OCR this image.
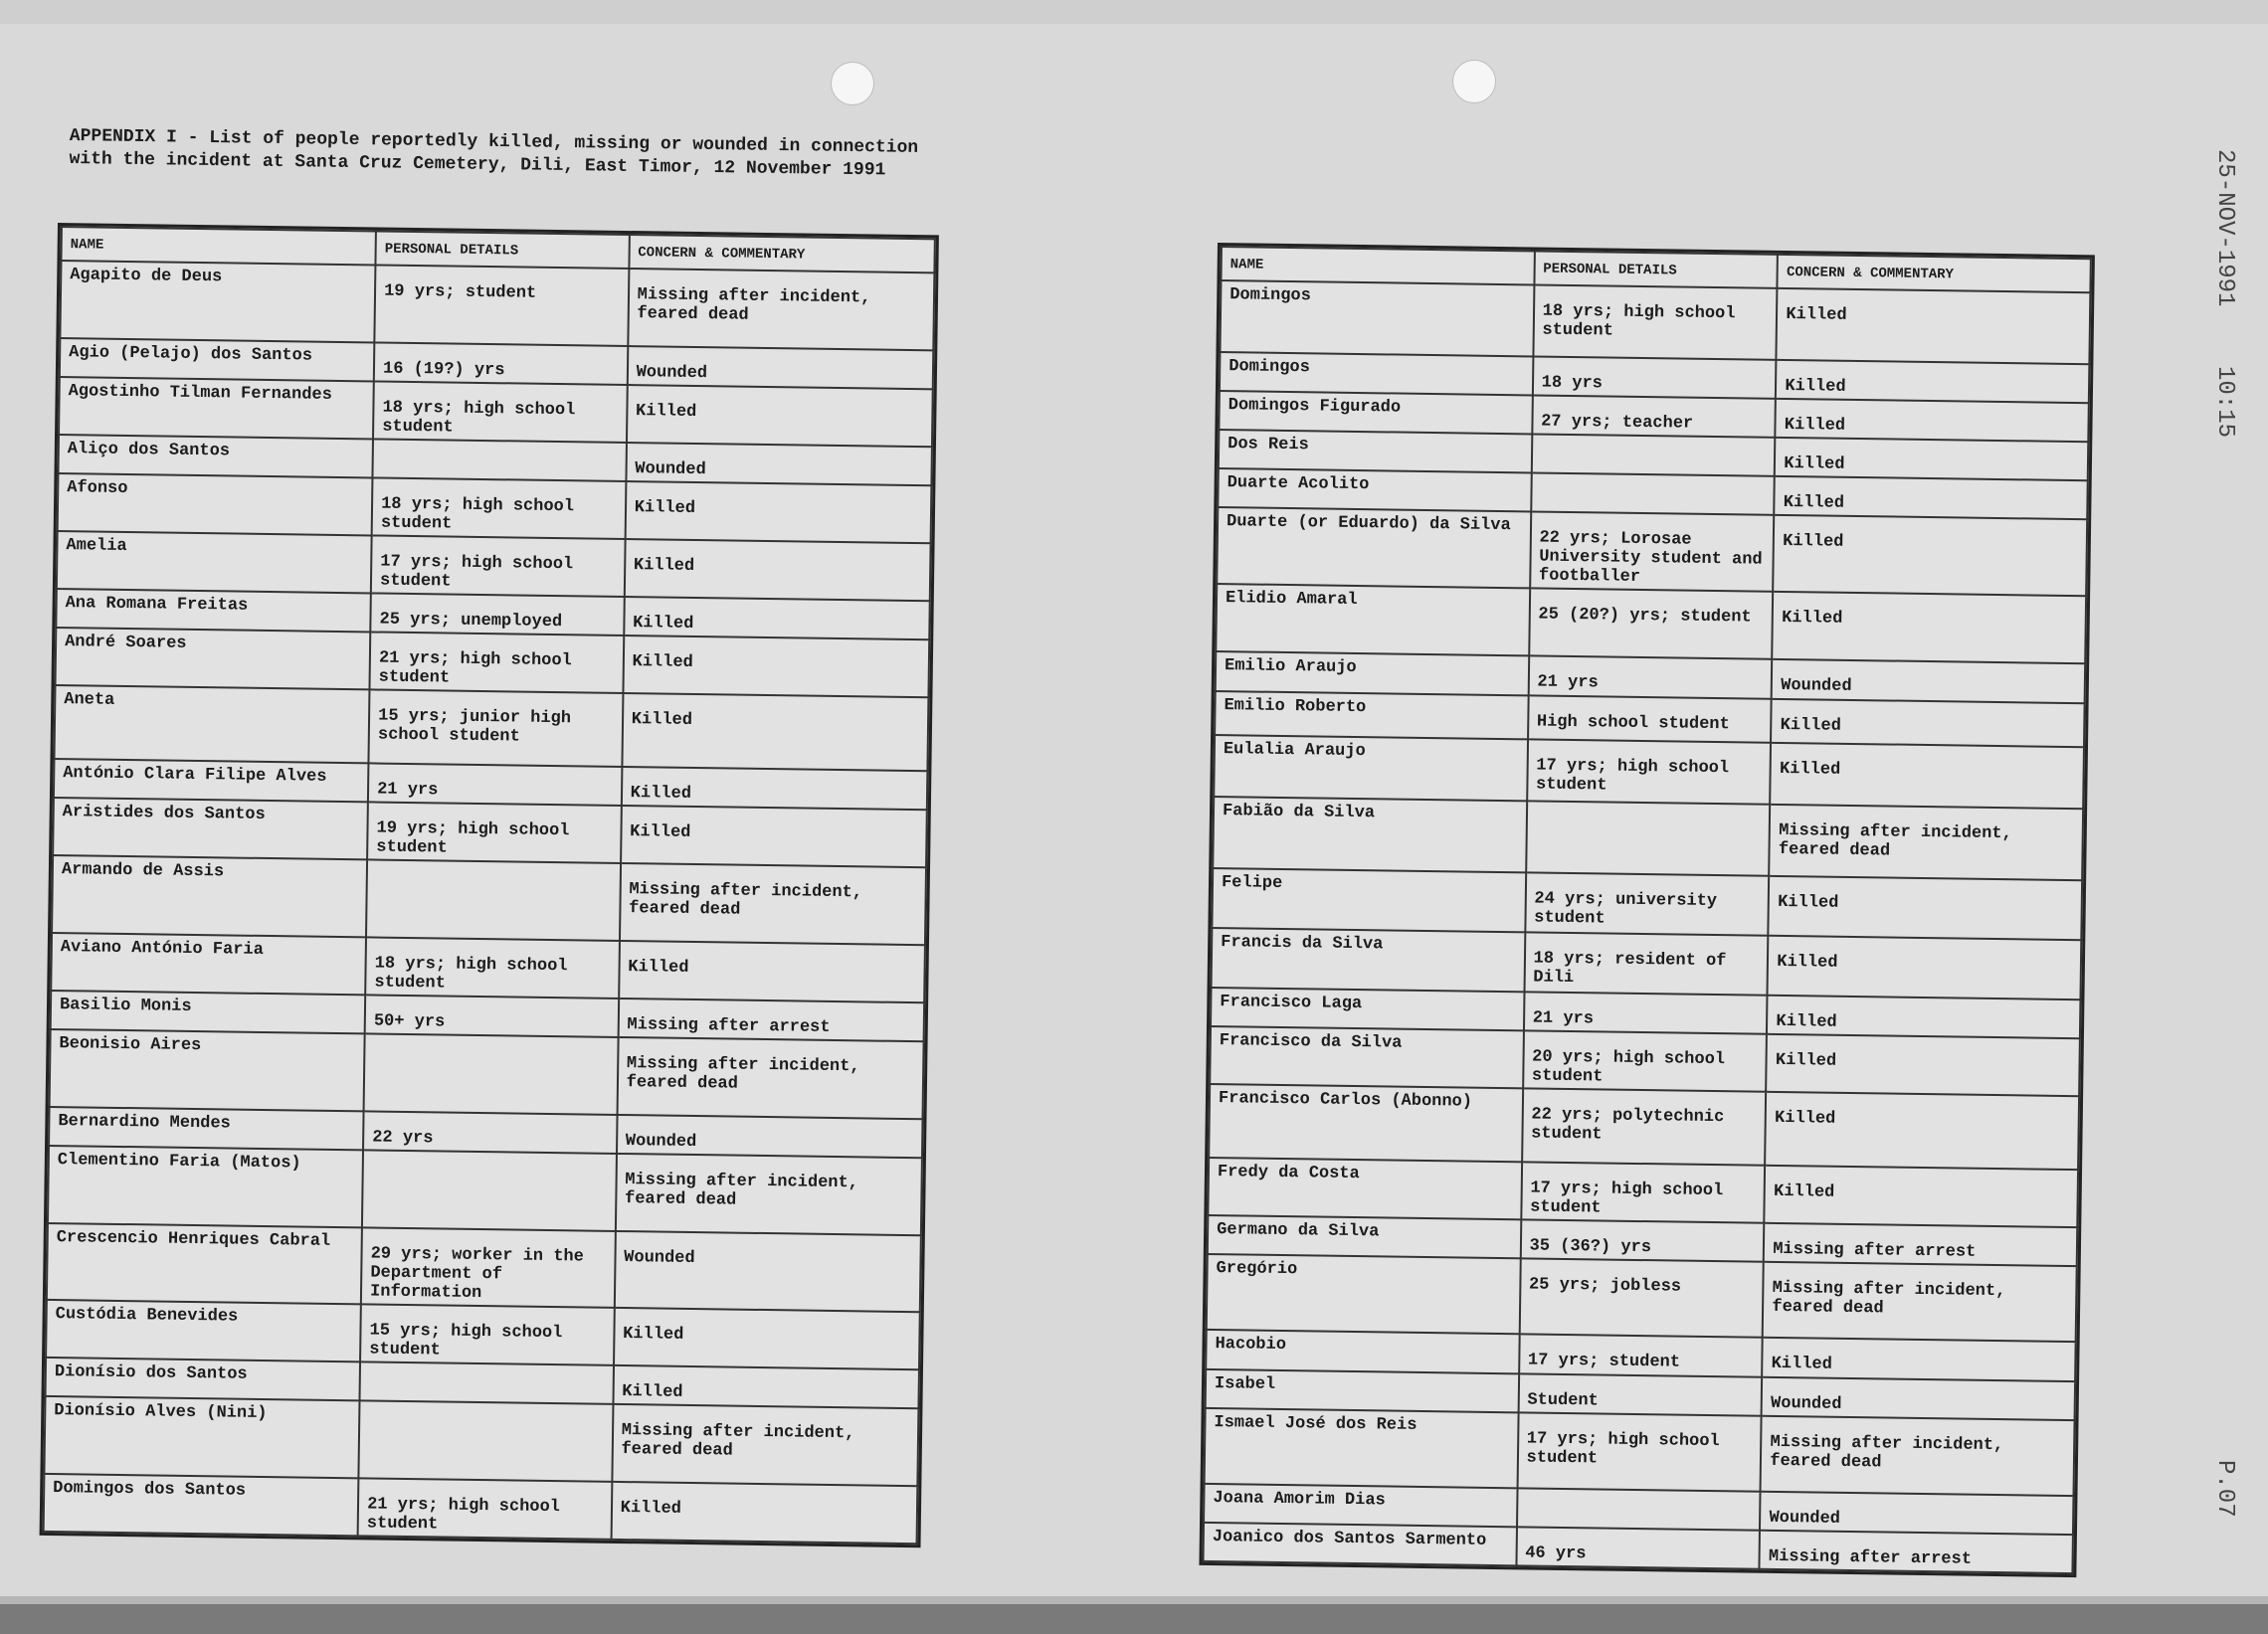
APPENDIX I - List of people reportedly killed, missing or wounded in connection with the incident at Santa Cruz Cemetery, Dili, East Timor, 12 November 1991
NAME	PERSONAL DETAILS	CONCERN & COMMENTARY
Agapito de Deus	19 yrs; student	Missing after incident, feared dead
Agio (Pelajo) dos Santos	16 (19?) yrs	Wounded
Agostinho Tilman Fernandes	18 yrs; high school student	Killed
Aliço dos Santos		Wounded
Afonso	18 yrs; high school student	Killed
Amelia	17 yrs; high school student	Killed
Ana Romana Freitas	25 yrs; unemployed	Killed
André Soares	21 yrs; high school student	Killed
Aneta	15 yrs; junior high school student	Killed
António Clara Filipe Alves	21 yrs	Killed
Aristides dos Santos	19 yrs; high school student	Killed
Armando de Assis		Missing after incident, feared dead
Aviano António Faria	18 yrs; high school student	Killed
Basilio Monis	50+ yrs	Missing after arrest
Beonisio Aires		Missing after incident, feared dead
Bernardino Mendes	22 yrs	Wounded
Clementino Faria (Matos)		Missing after incident, feared dead
Crescencio Henriques Cabral	29 yrs; worker in the Department of Information	Wounded
Custódia Benevides	15 yrs; high school student	Killed
Dionísio dos Santos		Killed
Dionísio Alves (Nini)		Missing after incident, feared dead
Domingos dos Santos	21 yrs; high school student	Killed
NAME	PERSONAL DETAILS	CONCERN & COMMENTARY
Domingos	18 yrs; high school student	Killed
Domingos	18 yrs	Killed
Domingos Figurado	27 yrs; teacher	Killed
Dos Reis		Killed
Duarte Acolito		Killed
Duarte (or Eduardo) da Silva	22 yrs; Lorosae University student and footballer	Killed
Elidio Amaral	25 (20?) yrs; student	Killed
Emilio Araujo	21 yrs	Wounded
Emilio Roberto	High school student	Killed
Eulalia Araujo	17 yrs; high school student	Killed
Fabião da Silva		Missing after incident, feared dead
Felipe	24 yrs; university student	Killed
Francis da Silva	18 yrs; resident of Dili	Killed
Francisco Laga	21 yrs	Killed
Francisco da Silva	20 yrs; high school student	Killed
Francisco Carlos (Abonno)	22 yrs; polytechnic student	Killed
Fredy da Costa	17 yrs; high school student	Killed
Germano da Silva	35 (36?) yrs	Missing after arrest
Gregório	25 yrs; jobless	Missing after incident, feared dead
Hacobio	17 yrs; student	Killed
Isabel	Student	Wounded
Ismael José dos Reis	17 yrs; high school student	Missing after incident, feared dead
Joana Amorim Dias		Wounded
Joanico dos Santos Sarmento	46 yrs	Missing after arrest
25-NOV-1991
10:15
P.07
